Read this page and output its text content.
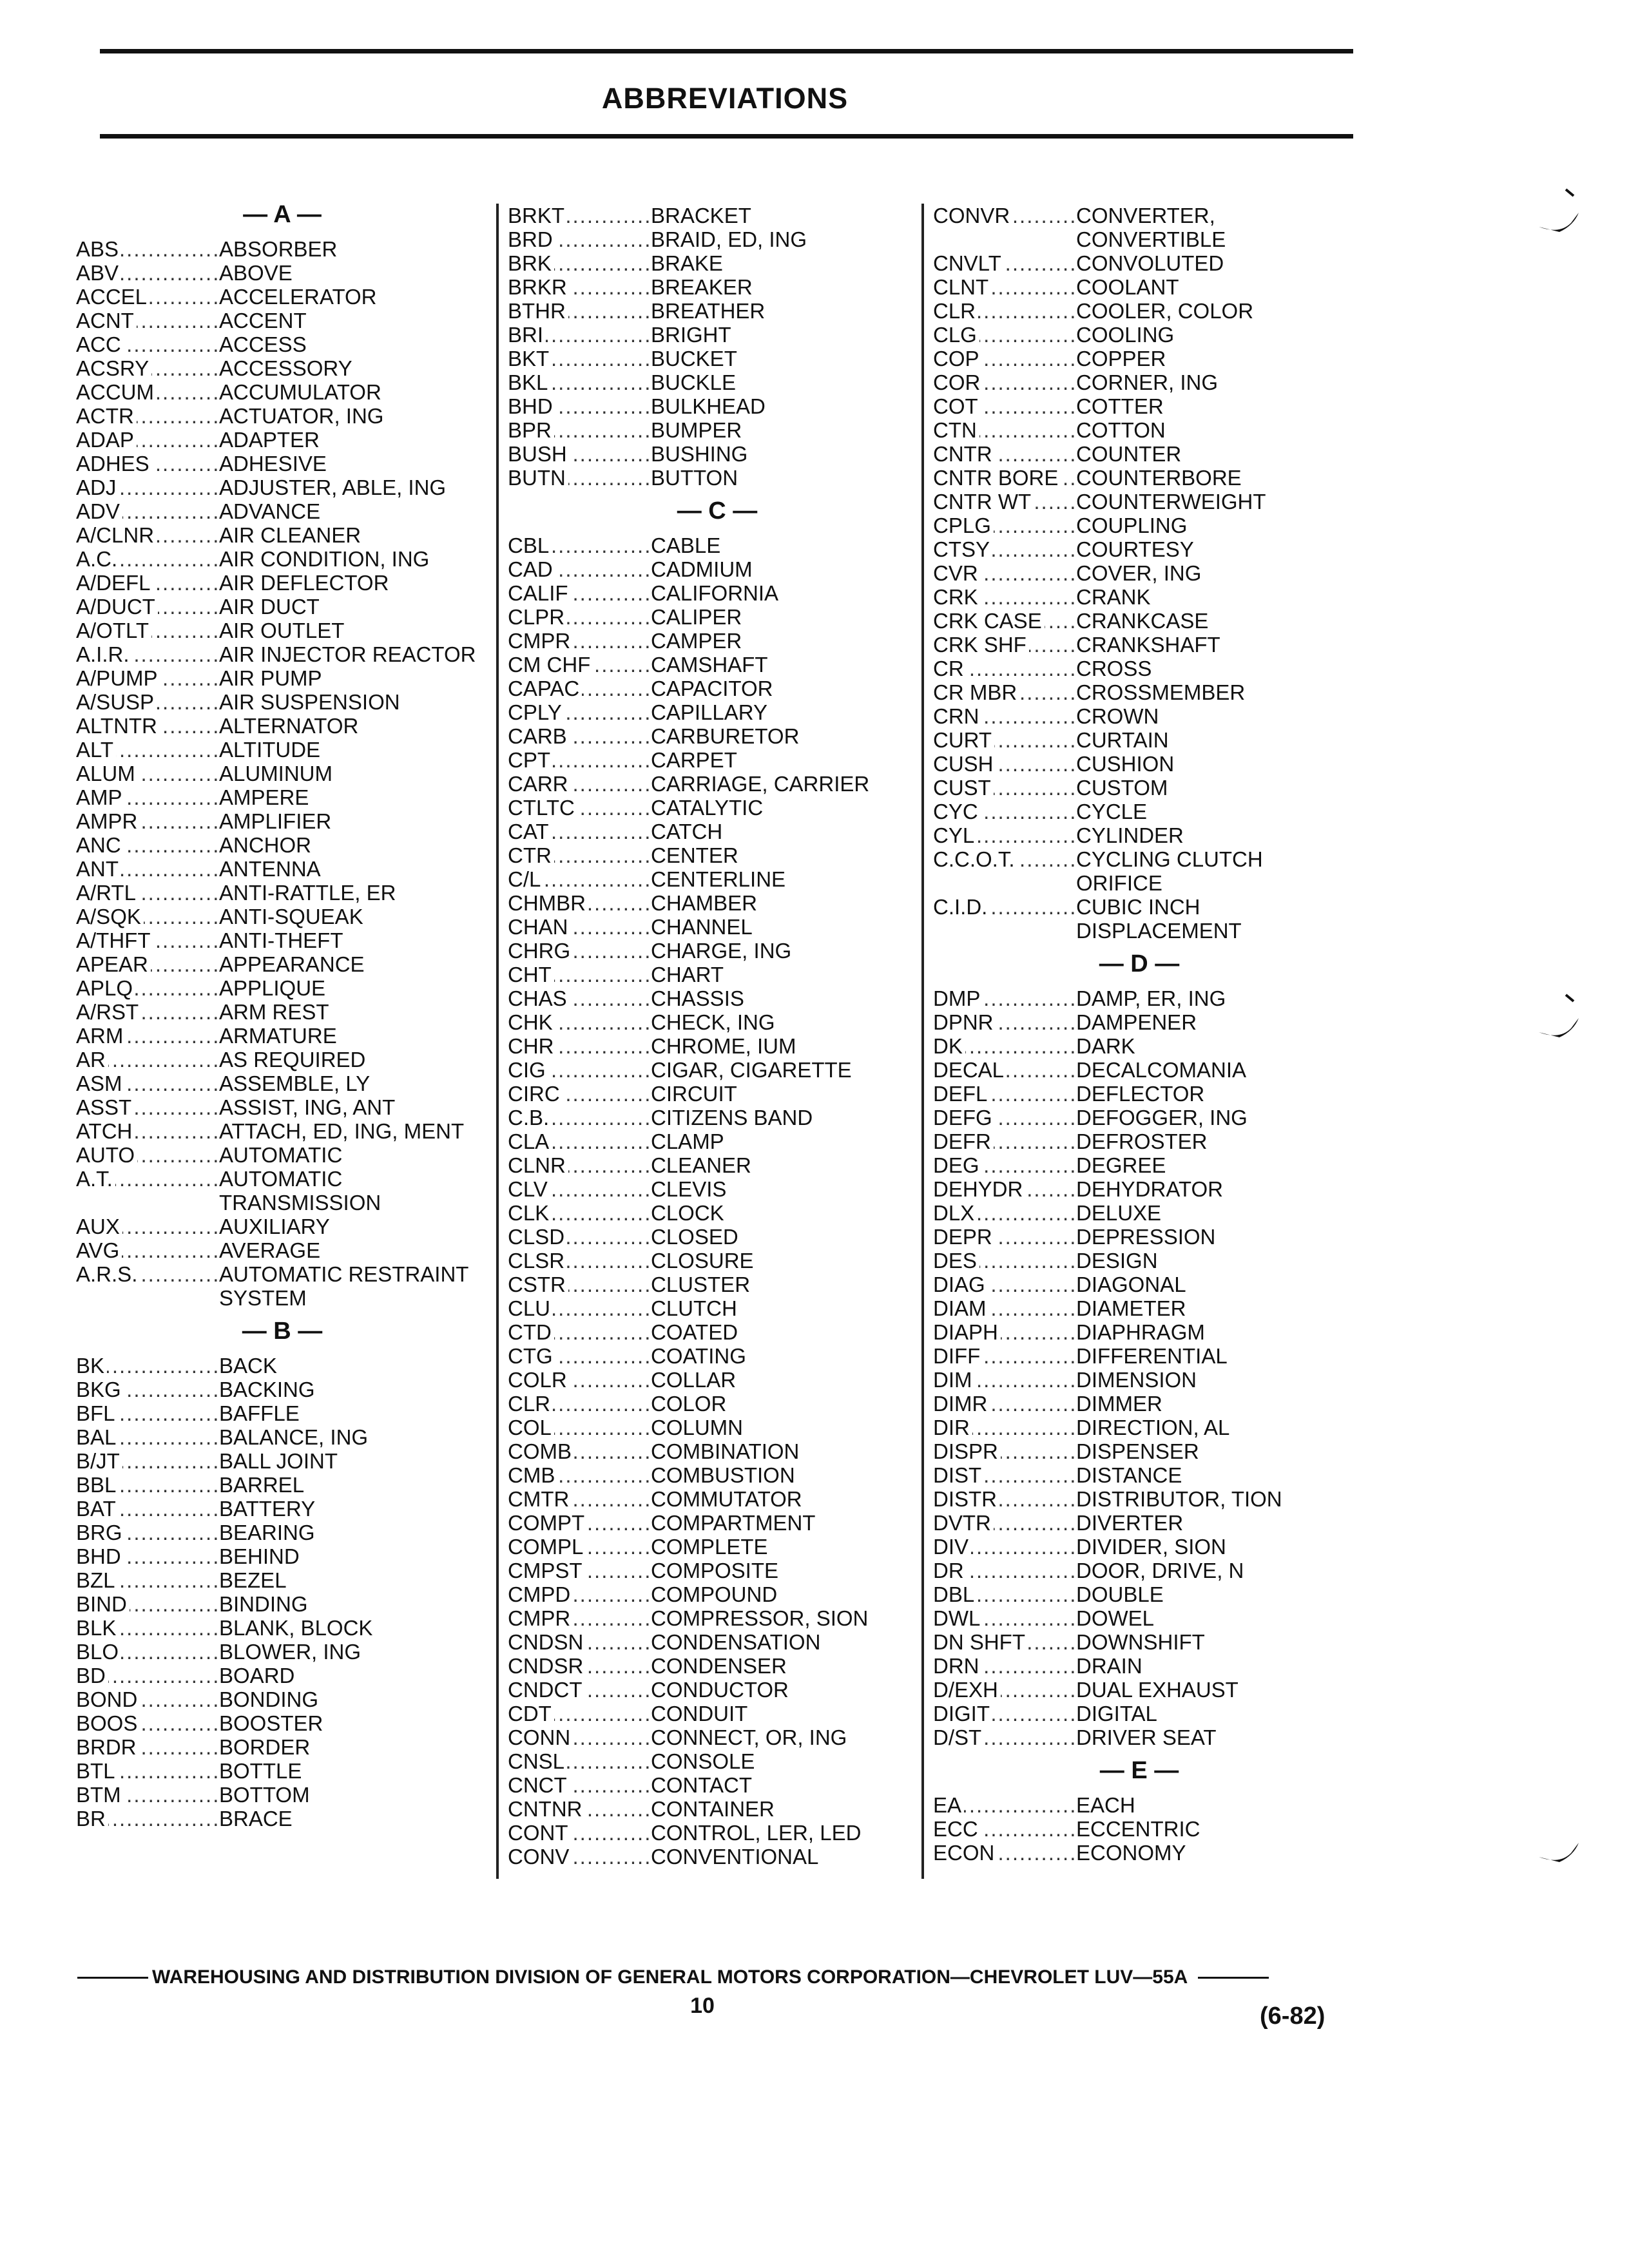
ABBREVIATIONS
— A —
ABS .....	ABSORBER
ABV .....	ABOVE
ACCEL .....	ACCELERATOR
ACNT .....	ACCENT
ACC .....	ACCESS
ACSRY .....	ACCESSORY
ACCUM .....	ACCUMULATOR
ACTR .....	ACTUATOR, ING
ADAP .....	ADAPTER
ADHES .....	ADHESIVE
ADJ .....	ADJUSTER, ABLE, ING
ADV .....	ADVANCE
A/CLNR .....	AIR CLEANER
A.C. .....	AIR CONDITION, ING
A/DEFL .....	AIR DEFLECTOR
A/DUCT .....	AIR DUCT
A/OTLT .....	AIR OUTLET
A.I.R. .....	AIR INJECTOR REACTOR
A/PUMP .....	AIR PUMP
A/SUSP .....	AIR SUSPENSION
ALTNTR .....	ALTERNATOR
ALT .....	ALTITUDE
ALUM .....	ALUMINUM
AMP .....	AMPERE
AMPR .....	AMPLIFIER
ANC .....	ANCHOR
ANT .....	ANTENNA
A/RTL .....	ANTI-RATTLE, ER
A/SQK .....	ANTI-SQUEAK
A/THFT .....	ANTI-THEFT
APEAR .....	APPEARANCE
APLQ .....	APPLIQUE
A/RST .....	ARM REST
ARM .....	ARMATURE
AR .....	AS REQUIRED
ASM .....	ASSEMBLE, LY
ASST .....	ASSIST, ING, ANT
ATCH .....	ATTACH, ED, ING, MENT
AUTO .....	AUTOMATIC
A.T. .....	AUTOMATIC TRANSMISSION
AUX .....	AUXILIARY
AVG .....	AVERAGE
A.R.S. .....	AUTOMATIC RESTRAINT SYSTEM
— B —
BK .....	BACK
BKG .....	BACKING
BFL .....	BAFFLE
BAL .....	BALANCE, ING
B/JT .....	BALL JOINT
BBL .....	BARREL
BAT .....	BATTERY
BRG .....	BEARING
BHD .....	BEHIND
BZL .....	BEZEL
BIND .....	BINDING
BLK .....	BLANK, BLOCK
BLO .....	BLOWER, ING
BD .....	BOARD
BOND .....	BONDING
BOOS .....	BOOSTER
BRDR .....	BORDER
BTL .....	BOTTLE
BTM .....	BOTTOM
BR .....	BRACE
BRKT .....	BRACKET
BRD .....	BRAID, ED, ING
BRK .....	BRAKE
BRKR .....	BREAKER
BTHR .....	BREATHER
BRI .....	BRIGHT
BKT .....	BUCKET
BKL .....	BUCKLE
BHD .....	BULKHEAD
BPR .....	BUMPER
BUSH .....	BUSHING
BUTN .....	BUTTON
— C —
CBL .....	CABLE
CAD .....	CADMIUM
CALIF .....	CALIFORNIA
CLPR .....	CALIPER
CMPR .....	CAMPER
CM CHF .....	CAMSHAFT
CAPAC .....	CAPACITOR
CPLY .....	CAPILLARY
CARB .....	CARBURETOR
CPT .....	CARPET
CARR .....	CARRIAGE, CARRIER
CTLTC .....	CATALYTIC
CAT .....	CATCH
CTR .....	CENTER
C/L .....	CENTERLINE
CHMBR .....	CHAMBER
CHAN .....	CHANNEL
CHRG .....	CHARGE, ING
CHT .....	CHART
CHAS .....	CHASSIS
CHK .....	CHECK, ING
CHR .....	CHROME, IUM
CIG .....	CIGAR, CIGARETTE
CIRC .....	CIRCUIT
C.B. .....	CITIZENS BAND
CLA .....	CLAMP
CLNR .....	CLEANER
CLV .....	CLEVIS
CLK .....	CLOCK
CLSD .....	CLOSED
CLSR .....	CLOSURE
CSTR .....	CLUSTER
CLU .....	CLUTCH
CTD .....	COATED
CTG .....	COATING
COLR .....	COLLAR
CLR .....	COLOR
COL .....	COLUMN
COMB .....	COMBINATION
CMB .....	COMBUSTION
CMTR .....	COMMUTATOR
COMPT .....	COMPARTMENT
COMPL .....	COMPLETE
CMPST .....	COMPOSITE
CMPD .....	COMPOUND
CMPR .....	COMPRESSOR, SION
CNDSN .....	CONDENSATION
CNDSR .....	CONDENSER
CNDCT .....	CONDUCTOR
CDT .....	CONDUIT
CONN .....	CONNECT, OR, ING
CNSL .....	CONSOLE
CNCT .....	CONTACT
CNTNR .....	CONTAINER
CONT .....	CONTROL, LER, LED
CONV .....	CONVENTIONAL
CONVR .....	CONVERTER, CONVERTIBLE
CNVLT .....	CONVOLUTED
CLNT .....	COOLANT
CLR .....	COOLER, COLOR
CLG .....	COOLING
COP .....	COPPER
COR .....	CORNER, ING
COT .....	COTTER
CTN .....	COTTON
CNTR .....	COUNTER
CNTR BORE ..... COUNTERBORE
CNTR WT .....	COUNTERWEIGHT
CPLG .....	COUPLING
CTSY .....	COURTESY
CVR .....	COVER, ING
CRK .....	CRANK
CRK CASE .....	CRANKCASE
CRK SHF .....	CRANKSHAFT
CR .....	CROSS
CR MBR .....	CROSSMEMBER
CRN .....	CROWN
CURT .....	CURTAIN
CUSH .....	CUSHION
CUST .....	CUSTOM
CYC .....	CYCLE
CYL .....	CYLINDER
C.C.O.T. .....	CYCLING CLUTCH ORIFICE
C.I.D. .....	CUBIC INCH DISPLACEMENT
— D —
DMP .....	DAMP, ER, ING
DPNR .....	DAMPENER
DK .....	DARK
DECAL .....	DECALCOMANIA
DEFL .....	DEFLECTOR
DEFG .....	DEFOGGER, ING
DEFR .....	DEFROSTER
DEG .....	DEGREE
DEHYDR .....	DEHYDRATOR
DLX .....	DELUXE
DEPR .....	DEPRESSION
DES .....	DESIGN
DIAG .....	DIAGONAL
DIAM .....	DIAMETER
DIAPH .....	DIAPHRAGM
DIFF .....	DIFFERENTIAL
DIM .....	DIMENSION
DIMR .....	DIMMER
DIR .....	DIRECTION, AL
DISPR .....	DISPENSER
DIST .....	DISTANCE
DISTR .....	DISTRIBUTOR, TION
DVTR .....	DIVERTER
DIV .....	DIVIDER, SION
DR .....	DOOR, DRIVE, N
DBL .....	DOUBLE
DWL .....	DOWEL
DN SHFT .....	DOWNSHIFT
DRN .....	DRAIN
D/EXH .....	DUAL EXHAUST
DIGIT .....	DIGITAL
D/ST .....	DRIVER SEAT
— E —
EA .....	EACH
ECC .....	ECCENTRIC
ECON .....	ECONOMY
WAREHOUSING AND DISTRIBUTION DIVISION OF GENERAL MOTORS CORPORATION—CHEVROLET LUV—55A
10	(6-82)
